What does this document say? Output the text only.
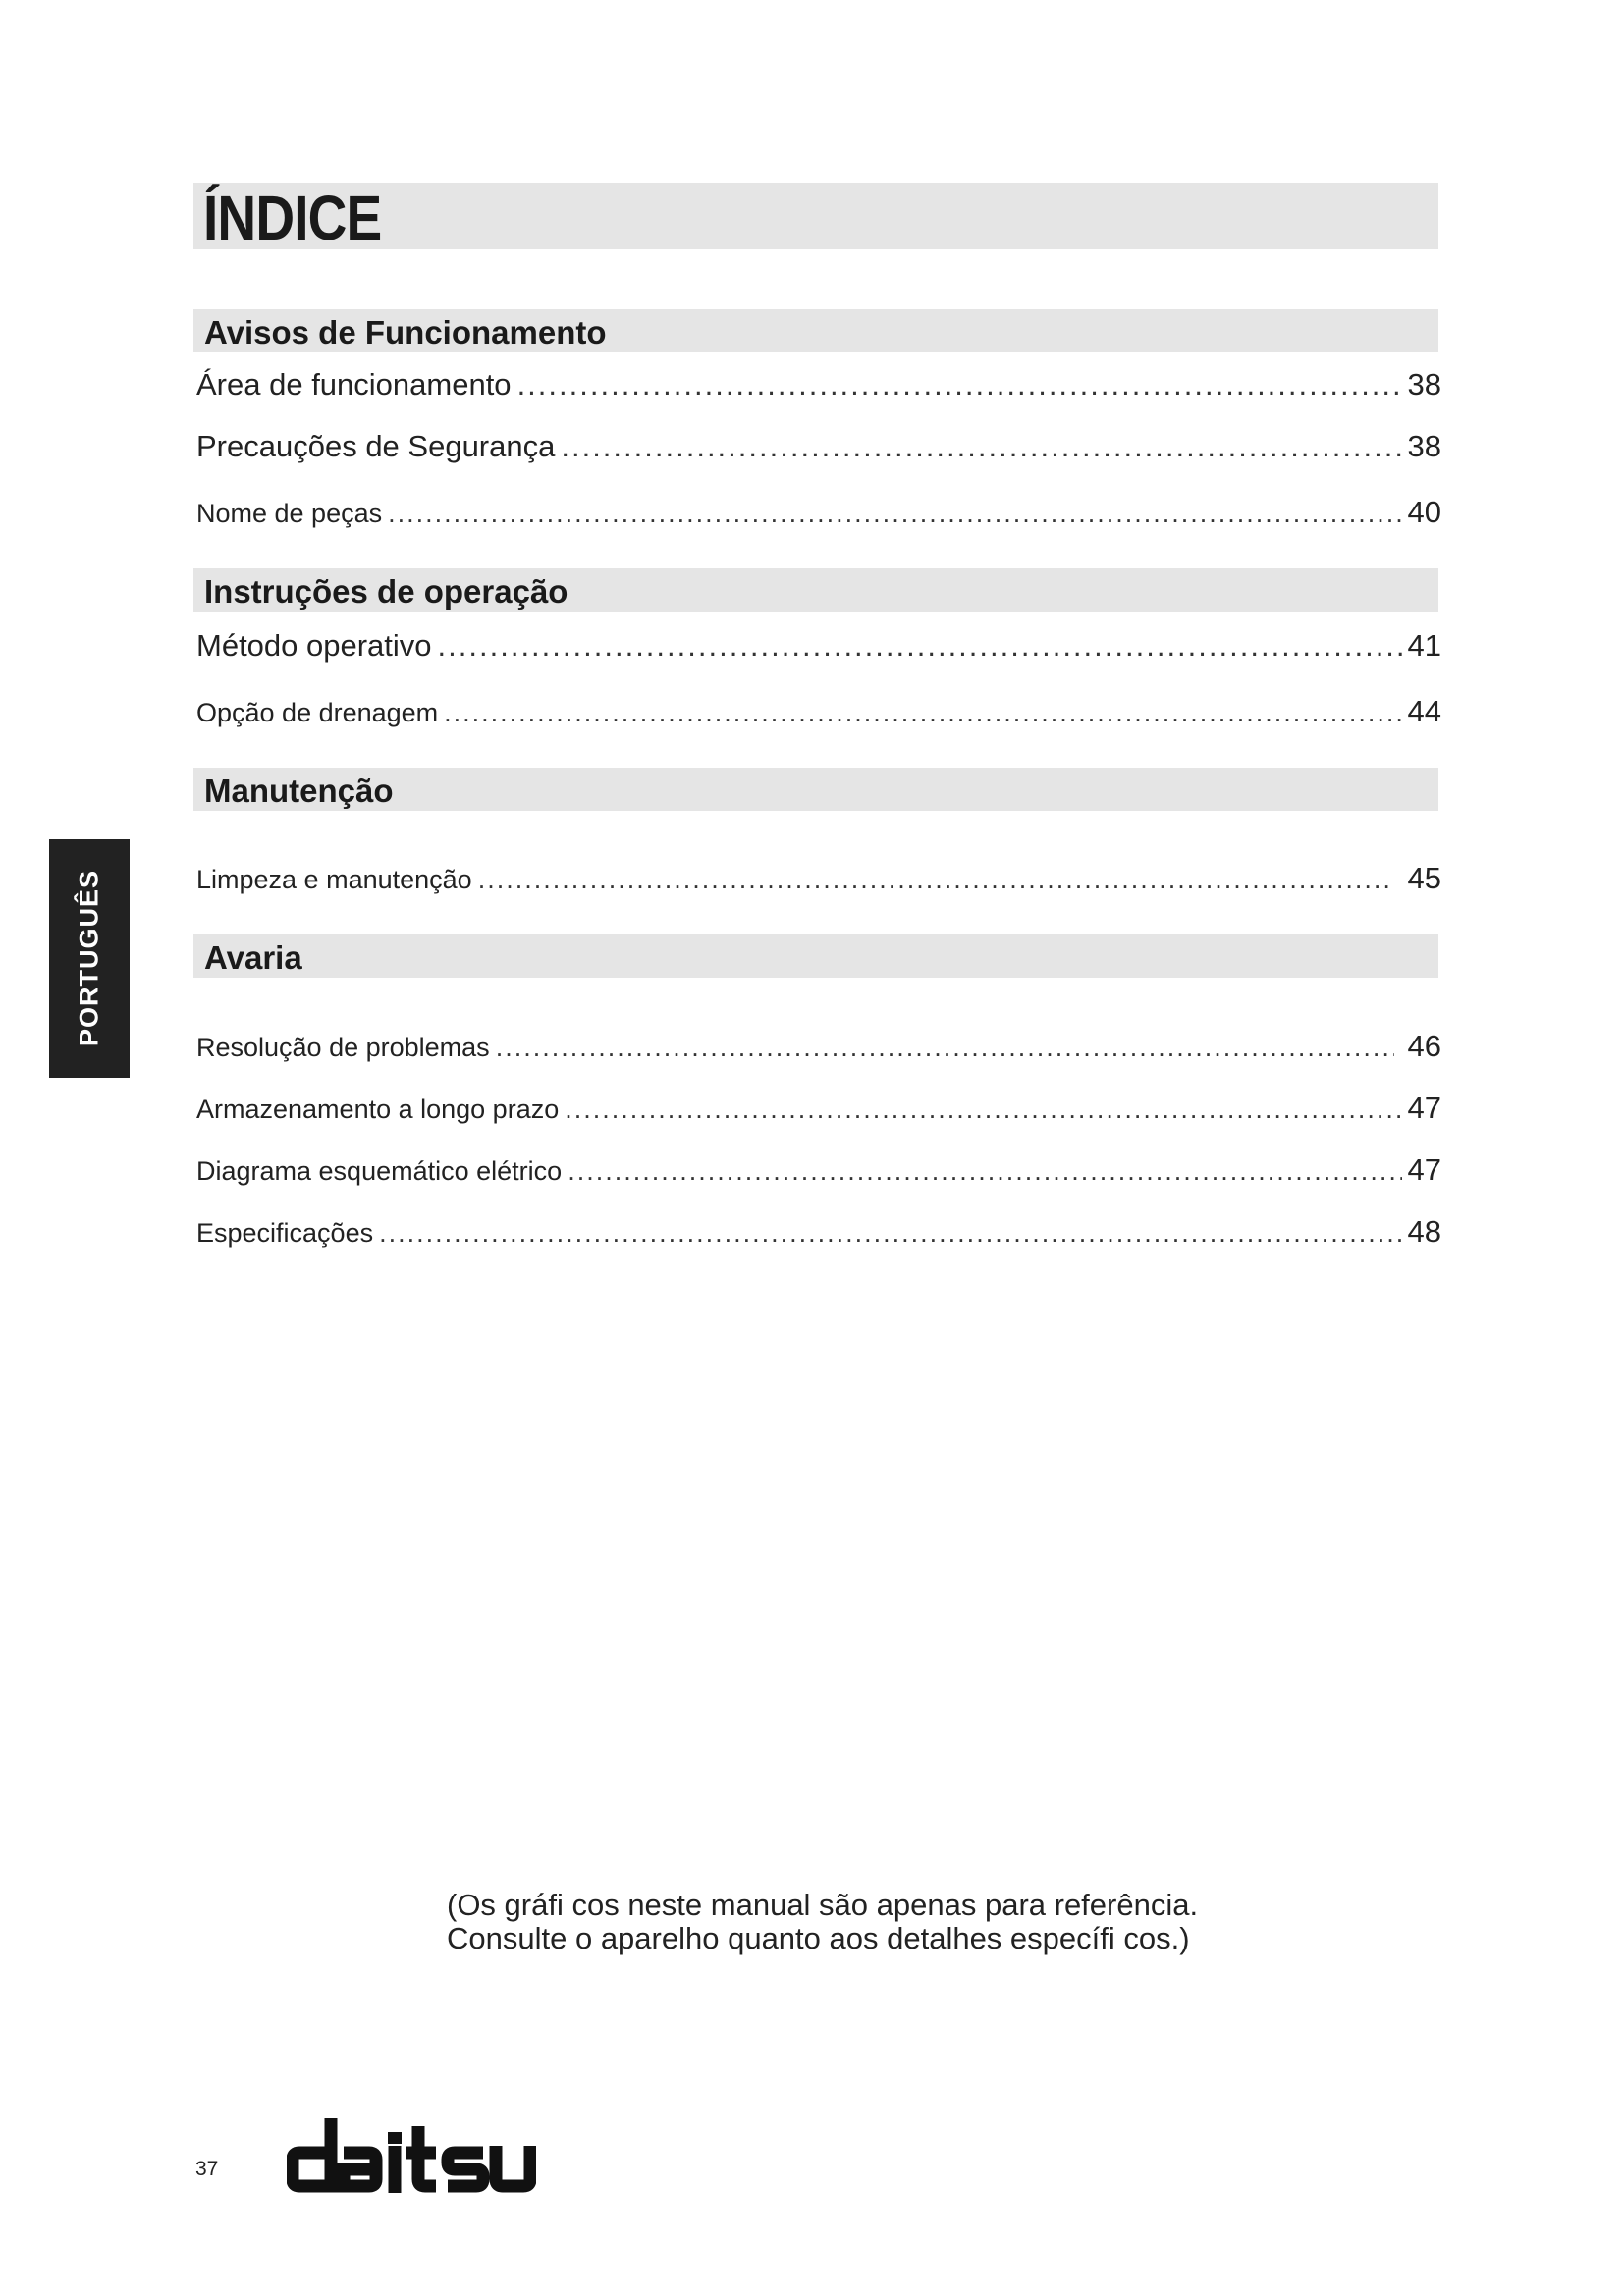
ÍNDICE
Avisos de Funcionamento
Área de funcionamento .....	38
Precauções de Segurança .....	38
Nome de peças .....	40
Instruções de operação
Método operativo .....	41
Opção de drenagem .....	44
Manutenção
Limpeza e manutenção .....	45
Avaria
Resolução de problemas .....	46
Armazenamento a longo prazo .....	47
Diagrama esquemático elétrico .....	47
Especificações .....	48
PORTUGUÊS
(Os gráfi cos neste manual são apenas para referência.
Consulte o aparelho quanto aos detalhes específi cos.)
37
